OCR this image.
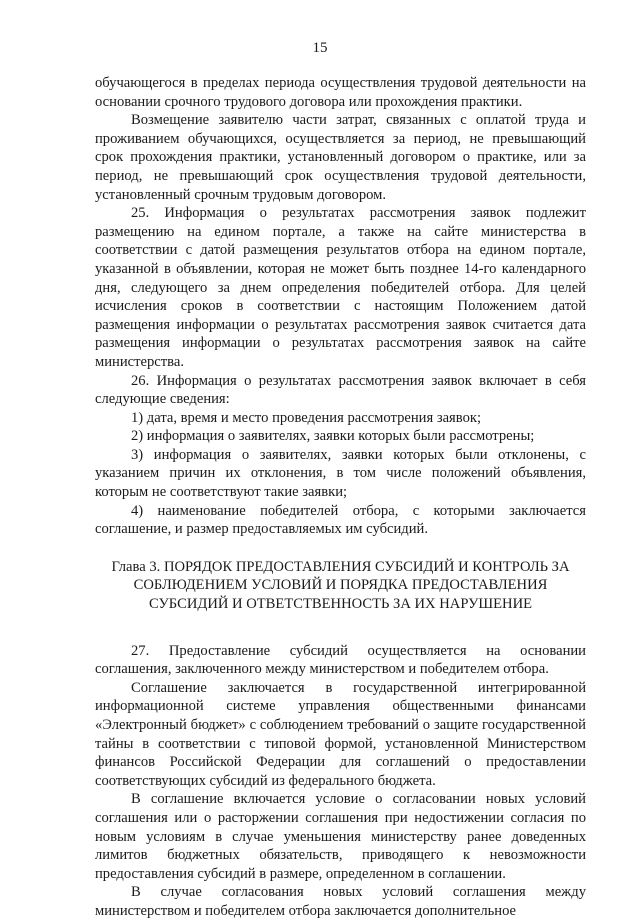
15

обучающегося в пределах периода осуществления трудовой деятельности на основании срочного трудового договора или прохождения практики.

Возмещение заявителю части затрат, связанных с оплатой труда и проживанием обучающихся, осуществляется за период, не превышающий срок прохождения практики, установленный договором о практике, или за период, не превышающий срок осуществления трудовой деятельности, установленный срочным трудовым договором.

25. Информация о результатах рассмотрения заявок подлежит размещению на едином портале, а также на сайте министерства в соответствии с датой размещения результатов отбора на едином портале, указанной в объявлении, которая не может быть позднее 14-го календарного дня, следующего за днем определения победителей отбора. Для целей исчисления сроков в соответствии с настоящим Положением датой размещения информации о результатах рассмотрения заявок считается дата размещения информации о результатах рассмотрения заявок на сайте министерства.

26. Информация о результатах рассмотрения заявок включает в себя следующие сведения:

1) дата, время и место проведения рассмотрения заявок;

2) информация о заявителях, заявки которых были рассмотрены;

3) информация о заявителях, заявки которых были отклонены, с указанием причин их отклонения, в том числе положений объявления, которым не соответствуют такие заявки;

4) наименование победителей отбора, с которыми заключается соглашение, и размер предоставляемых им субсидий.

Глава 3. ПОРЯДОК ПРЕДОСТАВЛЕНИЯ СУБСИДИЙ И КОНТРОЛЬ ЗА СОБЛЮДЕНИЕМ УСЛОВИЙ И ПОРЯДКА ПРЕДОСТАВЛЕНИЯ СУБСИДИЙ И ОТВЕТСТВЕННОСТЬ ЗА ИХ НАРУШЕНИЕ

27. Предоставление субсидий осуществляется на основании соглашения, заключенного между министерством и победителем отбора.

Соглашение заключается в государственной интегрированной информационной системе управления общественными финансами «Электронный бюджет» с соблюдением требований о защите государственной тайны в соответствии с типовой формой, установленной Министерством финансов Российской Федерации для соглашений о предоставлении соответствующих субсидий из федерального бюджета.

В соглашение включается условие о согласовании новых условий соглашения или о расторжении соглашения при недостижении согласия по новым условиям в случае уменьшения министерству ранее доведенных лимитов бюджетных обязательств, приводящего к невозможности предоставления субсидий в размере, определенном в соглашении.

В случае согласования новых условий соглашения между министерством и победителем отбора заключается дополнительное
